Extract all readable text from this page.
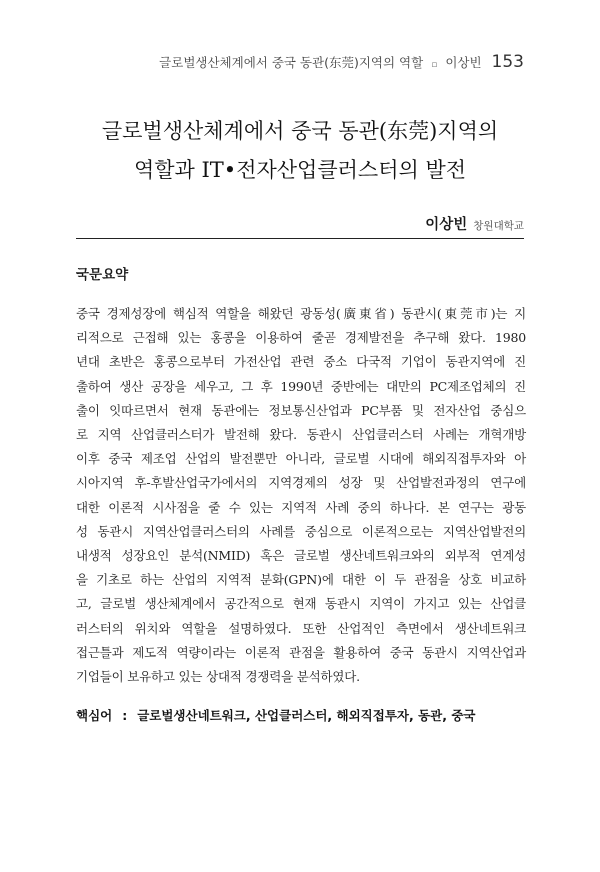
글로벌생산체계에서 중국 동관(东莞)지역의 역할 ▫ 이상빈 153
글로벌생산체계에서 중국 동관(东莞)지역의
역할과 IT•전자산업클러스터의 발전
이상빈 창원대학교
국문요약

중국 경제성장에 핵심적 역할을 해왔던 광동성(廣東省) 동관시(東莞市)는 지
리적으로 근접해 있는 홍콩을 이용하여 줄곧 경제발전을 추구해 왔다. 1980
년대 초반은 홍콩으로부터 가전산업 관련 중소 다국적 기업이 동관지역에 진
출하여 생산 공장을 세우고, 그 후 1990년 중반에는 대만의 PC제조업체의 진
출이 잇따르면서 현재 동관에는 정보통신산업과 PC부품 및 전자산업 중심으
로 지역 산업클러스터가 발전해 왔다. 동관시 산업클러스터 사례는 개혁개방
이후 중국 제조업 산업의 발전뿐만 아니라, 글로벌 시대에 해외직접투자와 아
시아지역 후-후발산업국가에서의 지역경제의 성장 및 산업발전과정의 연구에
대한 이론적 시사점을 줄 수 있는 지역적 사례 중의 하나다. 본 연구는 광동
성 동관시 지역산업클러스터의 사례를 중심으로 이론적으로는 지역산업발전의
내생적 성장요인 분석(NMID) 혹은 글로벌 생산네트워크와의 외부적 연계성
을 기초로 하는 산업의 지역적 분화(GPN)에 대한 이 두 관점을 상호 비교하
고, 글로벌 생산체계에서 공간적으로 현재 동관시 지역이 가지고 있는 산업클
러스터의 위치와 역할을 설명하였다. 또한 산업적인 측면에서 생산네트워크
접근틀과 제도적 역량이라는 이론적 관점을 활용하여 중국 동관시 지역산업과
기업들이 보유하고 있는 상대적 경쟁력을 분석하였다.

핵심어 : 글로벌생산네트워크, 산업클러스터, 해외직접투자, 동관, 중국
